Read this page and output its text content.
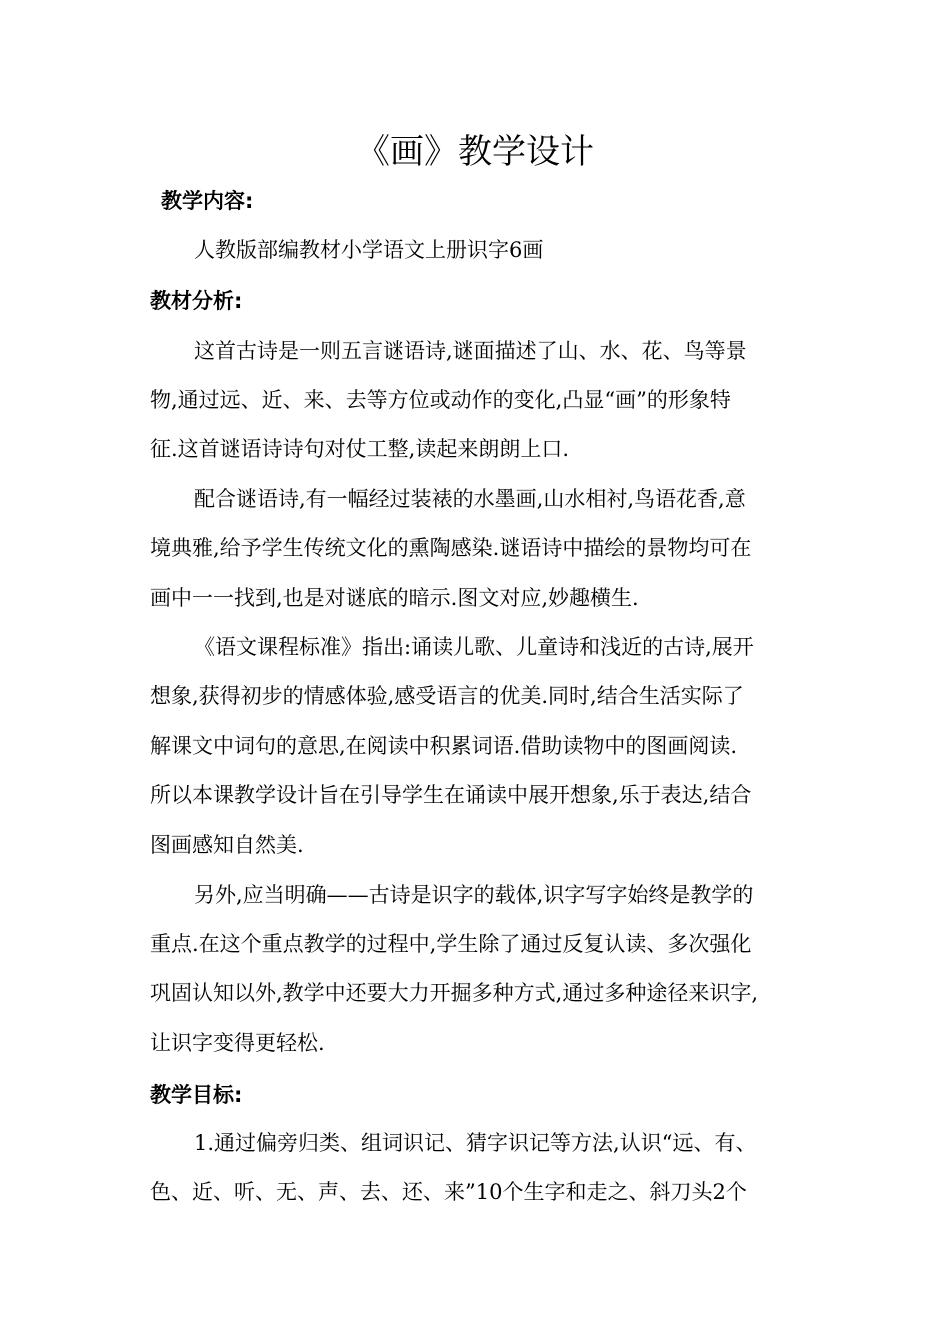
《画》教学设计
教学内容:

人教版部编教材小学语文上册识字6画

教材分析:

这首古诗是一则五言谜语诗,谜面描述了山、水、花、鸟等景

物,通过远、近、来、去等方位或动作的变化,凸显“画”的形象特

征.这首谜语诗诗句对仗工整,读起来朗朗上口.

配合谜语诗,有一幅经过装裱的水墨画,山水相衬,鸟语花香,意

境典雅,给予学生传统文化的熏陶感染.谜语诗中描绘的景物均可在

画中一一找到,也是对谜底的暗示.图文对应,妙趣横生.

《语文课程标准》指出:诵读儿歌、儿童诗和浅近的古诗,展开

想象,获得初步的情感体验,感受语言的优美.同时,结合生活实际了

解课文中词句的意思,在阅读中积累词语.借助读物中的图画阅读.

所以本课教学设计旨在引导学生在诵读中展开想象,乐于表达,结合

图画感知自然美.

另外,应当明确——古诗是识字的载体,识字写字始终是教学的

重点.在这个重点教学的过程中,学生除了通过反复认读、多次强化

巩固认知以外,教学中还要大力开掘多种方式,通过多种途径来识字,

让识字变得更轻松.

教学目标:

1.通过偏旁归类、组词识记、猜字识记等方法,认识“远、有、

色、近、听、无、声、去、还、来”10个生字和走之、斜刀头2个
